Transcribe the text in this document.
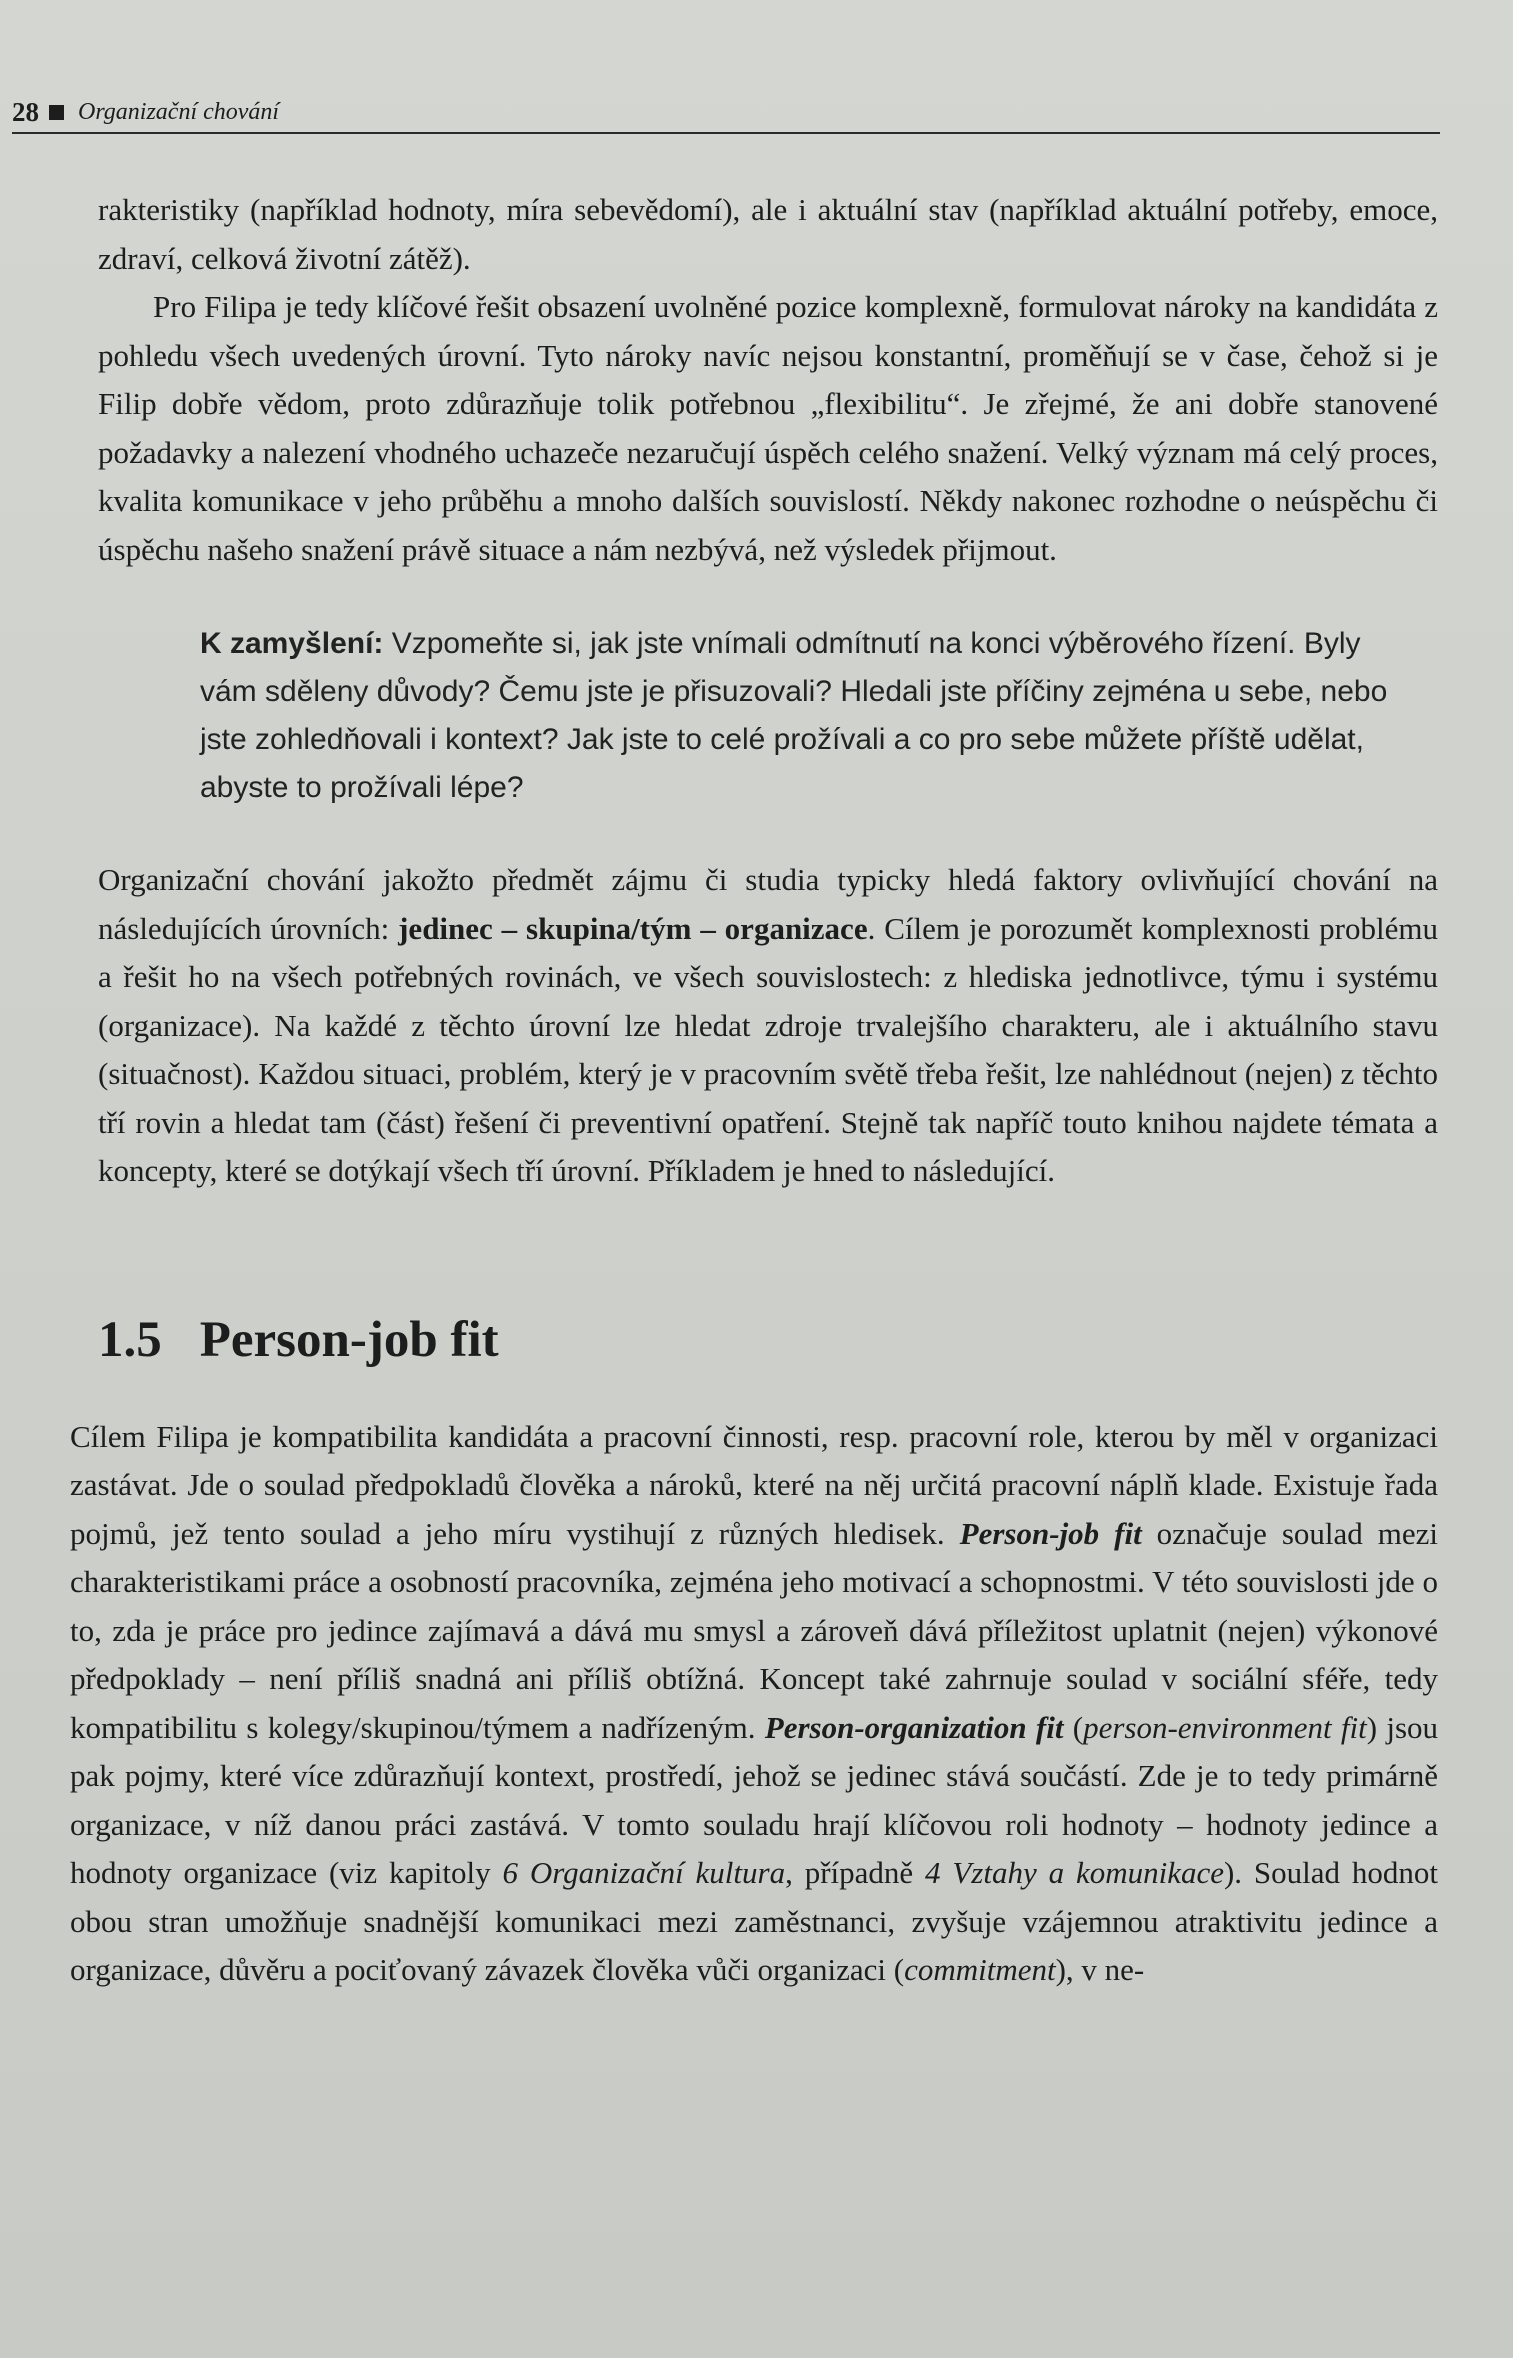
28 Organizační chování

rakteristiky (například hodnoty, míra sebevědomí), ale i aktuální stav (například aktuální potřeby, emoce, zdraví, celková životní zátěž).

Pro Filipa je tedy klíčové řešit obsazení uvolněné pozice komplexně, formulovat nároky na kandidáta z pohledu všech uvedených úrovní. Tyto nároky navíc nejsou konstantní, proměňují se v čase, čehož si je Filip dobře vědom, proto zdůrazňuje tolik potřebnou „flexibilitu“. Je zřejmé, že ani dobře stanovené požadavky a nalezení vhodného uchazeče nezaručují úspěch celého snažení. Velký význam má celý proces, kvalita komunikace v jeho průběhu a mnoho dalších souvislostí. Někdy nakonec rozhodne o neúspěchu či úspěchu našeho snažení právě situace a nám nezbývá, než výsledek přijmout.

K zamyšlení: Vzpomeňte si, jak jste vnímali odmítnutí na konci výběrového řízení. Byly vám sděleny důvody? Čemu jste je přisuzovali? Hledali jste příčiny zejména u sebe, nebo jste zohledňovali i kontext? Jak jste to celé prožívali a co pro sebe můžete příště udělat, abyste to prožívali lépe?

Organizační chování jakožto předmět zájmu či studia typicky hledá faktory ovlivňující chování na následujících úrovních: jedinec – skupina/tým – organizace. Cílem je porozumět komplexnosti problému a řešit ho na všech potřebných rovinách, ve všech souvislostech: z hlediska jednotlivce, týmu i systému (organizace). Na každé z těchto úrovní lze hledat zdroje trvalejšího charakteru, ale i aktuálního stavu (situačnost). Každou situaci, problém, který je v pracovním světě třeba řešit, lze nahlédnout (nejen) z těchto tří rovin a hledat tam (část) řešení či preventivní opatření. Stejně tak napříč touto knihou najdete témata a koncepty, které se dotýkají všech tří úrovní. Příkladem je hned to následující.

1.5 Person-job fit

Cílem Filipa je kompatibilita kandidáta a pracovní činnosti, resp. pracovní role, kterou by měl v organizaci zastávat. Jde o soulad předpokladů člověka a nároků, které na něj určitá pracovní náplň klade. Existuje řada pojmů, jež tento soulad a jeho míru vystihují z různých hledisek. Person-job fit označuje soulad mezi charakteristikami práce a osobností pracovníka, zejména jeho motivací a schopnostmi. V této souvislosti jde o to, zda je práce pro jedince zajímavá a dává mu smysl a zároveň dává příležitost uplatnit (nejen) výkonové předpoklady – není příliš snadná ani příliš obtížná. Koncept také zahrnuje soulad v sociální sféře, tedy kompatibilitu s kolegy/skupinou/týmem a nadřízeným. Person-organization fit (person-environment fit) jsou pak pojmy, které více zdůrazňují kontext, prostředí, jehož se jedinec stává součástí. Zde je to tedy primárně organizace, v níž danou práci zastává. V tomto souladu hrají klíčovou roli hodnoty – hodnoty jedince a hodnoty organizace (viz kapitoly 6 Organizační kultura, případně 4 Vztahy a komunikace). Soulad hodnot obou stran umožňuje snadnější komunikaci mezi zaměstnanci, zvyšuje vzájemnou atraktivitu jedince a organizace, důvěru a pociťovaný závazek člověka vůči organizaci (commitment), v ne-
